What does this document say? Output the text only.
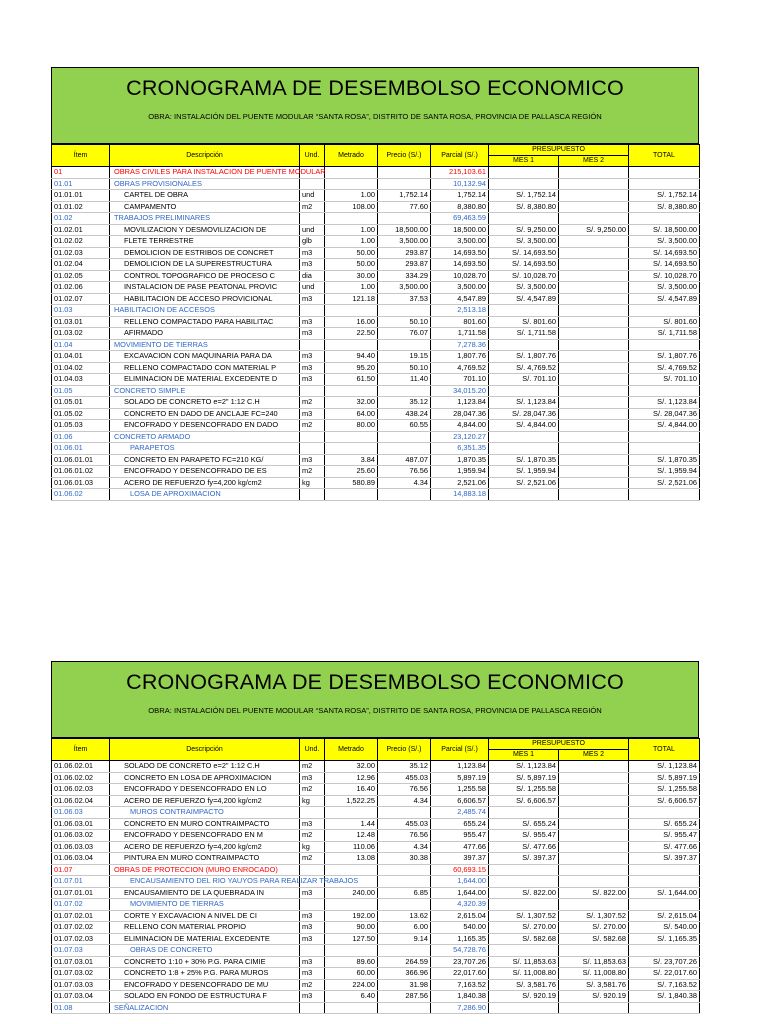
CRONOGRAMA DE DESEMBOLSO ECONOMICO
OBRA: INSTALACIÓN DEL PUENTE MODULAR “SANTA ROSA”, DISTRITO DE SANTA ROSA, PROVINCIA DE PALLASCA REGIÓN
Ítem	Descripción	Und.	Metrado	Precio (S/.)	Parcial (S/.)	PRESUPUESTO		TOTAL
						MES 1	MES 2	
01	OBRAS CIVILES PARA INSTALACION DE PUENTE MODULAR				215,103.61			
01.01	OBRAS PROVISIONALES				10,132.94			
01.01.01	CARTEL DE OBRA	und	1.00	1,752.14	1,752.14	S/. 1,752.14		S/. 1,752.14
01.01.02	CAMPAMENTO	m2	108.00	77.60	8,380.80	S/. 8,380.80		S/. 8,380.80
01.02	TRABAJOS PRELIMINARES				69,463.59			
01.02.01	MOVILIZACION Y DESMOVILIZACION DE	und	1.00	18,500.00	18,500.00	S/. 9,250.00	S/. 9,250.00	S/. 18,500.00
01.02.02	FLETE TERRESTRE	glb	1.00	3,500.00	3,500.00	S/. 3,500.00		S/. 3,500.00
01.02.03	DEMOLICION DE ESTRIBOS DE CONCRET	m3	50.00	293.87	14,693.50	S/. 14,693.50		S/. 14,693.50
01.02.04	DEMOLICION DE LA SUPERESTRUCTURA	m3	50.00	293.87	14,693.50	S/. 14,693.50		S/. 14,693.50
01.02.05	CONTROL TOPOGRAFICO DE PROCESO C	dia	30.00	334.29	10,028.70	S/. 10,028.70		S/. 10,028.70
01.02.06	INSTALACION DE PASE PEATONAL PROVIC	und	1.00	3,500.00	3,500.00	S/. 3,500.00		S/. 3,500.00
01.02.07	HABILITACION DE ACCESO PROVICIONAL	m3	121.18	37.53	4,547.89	S/. 4,547.89		S/. 4,547.89
01.03	HABILITACION DE ACCESOS				2,513.18			
01.03.01	RELLENO COMPACTADO PARA HABILITAC	m3	16.00	50.10	801.60	S/. 801.60		S/. 801.60
01.03.02	AFIRMADO	m3	22.50	76.07	1,711.58	S/. 1,711.58		S/. 1,711.58
01.04	MOVIMIENTO DE TIERRAS				7,278.36			
01.04.01	EXCAVACION CON MAQUINARIA PARA DA	m3	94.40	19.15	1,807.76	S/. 1,807.76		S/. 1,807.76
01.04.02	RELLENO COMPACTADO CON MATERIAL P	m3	95.20	50.10	4,769.52	S/. 4,769.52		S/. 4,769.52
01.04.03	ELIMINACION DE MATERIAL EXCEDENTE D	m3	61.50	11.40	701.10	S/. 701.10		S/. 701.10
01.05	CONCRETO SIMPLE				34,015.20			
01.05.01	SOLADO DE CONCRETO e=2" 1:12 C.H	m2	32.00	35.12	1,123.84	S/. 1,123.84		S/. 1,123.84
01.05.02	CONCRETO EN DADO DE ANCLAJE FC=240	m3	64.00	438.24	28,047.36	S/. 28,047.36		S/. 28,047.36
01.05.03	ENCOFRADO Y DESENCOFRADO EN DADO	m2	80.00	60.55	4,844.00	S/. 4,844.00		S/. 4,844.00
01.06	CONCRETO ARMADO				23,120.27			
01.06.01	PARAPETOS				6,351.35			
01.06.01.01	CONCRETO EN PARAPETO FC=210 KG/	m3	3.84	487.07	1,870.35	S/. 1,870.35		S/. 1,870.35
01.06.01.02	ENCOFRADO Y DESENCOFRADO DE ES	m2	25.60	76.56	1,959.94	S/. 1,959.94		S/. 1,959.94
01.06.01.03	ACERO DE REFUERZO fy=4,200 kg/cm2	kg	580.89	4.34	2,521.06	S/. 2,521.06		S/. 2,521.06
01.06.02	LOSA DE APROXIMACION				14,883.18			
CRONOGRAMA DE DESEMBOLSO ECONOMICO
OBRA: INSTALACIÓN DEL PUENTE MODULAR “SANTA ROSA”, DISTRITO DE SANTA ROSA, PROVINCIA DE PALLASCA REGIÓN
Ítem	Descripción	Und.	Metrado	Precio (S/.)	Parcial (S/.)	PRESUPUESTO		TOTAL
						MES 1	MES 2	
01.06.02.01	SOLADO DE CONCRETO e=2" 1:12 C.H	m2	32.00	35.12	1,123.84	S/. 1,123.84		S/. 1,123.84
01.06.02.02	CONCRETO EN LOSA DE APROXIMACION	m3	12.96	455.03	5,897.19	S/. 5,897.19		S/. 5,897.19
01.06.02.03	ENCOFRADO Y DESENCOFRADO EN LO	m2	16.40	76.56	1,255.58	S/. 1,255.58		S/. 1,255.58
01.06.02.04	ACERO DE REFUERZO fy=4,200 kg/cm2	kg	1,522.25	4.34	6,606.57	S/. 6,606.57		S/. 6,606.57
01.06.03	MUROS CONTRAIMPACTO				2,485.74			
01.06.03.01	CONCRETO EN MURO CONTRAIMPACTO	m3	1.44	455.03	655.24	S/. 655.24		S/. 655.24
01.06.03.02	ENCOFRADO Y DESENCOFRADO EN M	m2	12.48	76.56	955.47	S/. 955.47		S/. 955.47
01.06.03.03	ACERO DE REFUERZO fy=4,200 kg/cm2	kg	110.06	4.34	477.66	S/. 477.66		S/. 477.66
01.06.03.04	PINTURA EN MURO CONTRAIMPACTO	m2	13.08	30.38	397.37	S/. 397.37		S/. 397.37
01.07	OBRAS DE PROTECCION (MURO ENROCADO)				60,693.15			
01.07.01	ENCAUSAMIENTO DEL RIO YAUYOS PARA REALIZAR TRABAJOS				1,644.00			
01.07.01.01	ENCAUSAMIENTO DE LA QUEBRADA IN	m3	240.00	6.85	1,644.00	S/. 822.00	S/. 822.00	S/. 1,644.00
01.07.02	MOVIMIENTO DE TIERRAS				4,320.39			
01.07.02.01	CORTE Y EXCAVACION A NIVEL DE CI	m3	192.00	13.62	2,615.04	S/. 1,307.52	S/. 1,307.52	S/. 2,615.04
01.07.02.02	RELLENO CON MATERIAL PROPIO	m3	90.00	6.00	540.00	S/. 270.00	S/. 270.00	S/. 540.00
01.07.02.03	ELIMINACION DE MATERIAL EXCEDENTE	m3	127.50	9.14	1,165.35	S/. 582.68	S/. 582.68	S/. 1,165.35
01.07.03	OBRAS DE CONCRETO				54,728.76			
01.07.03.01	CONCRETO 1:10 + 30% P.G. PARA CIMIE	m3	89.60	264.59	23,707.26	S/. 11,853.63	S/. 11,853.63	S/. 23,707.26
01.07.03.02	CONCRETO 1:8 + 25% P.G. PARA MUROS	m3	60.00	366.96	22,017.60	S/. 11,008.80	S/. 11,008.80	S/. 22,017.60
01.07.03.03	ENCOFRADO Y DESENCOFRADO DE MU	m2	224.00	31.98	7,163.52	S/. 3,581.76	S/. 3,581.76	S/. 7,163.52
01.07.03.04	SOLADO EN FONDO DE ESTRUCTURA F	m3	6.40	287.56	1,840.38	S/. 920.19	S/. 920.19	S/. 1,840.38
01.08	SEÑALIZACION				7,286.90			
